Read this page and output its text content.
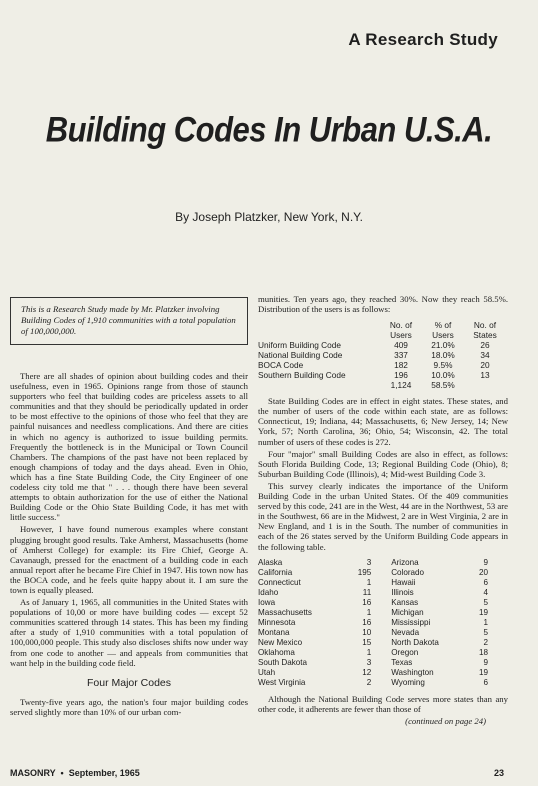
A Research Study
Building Codes In Urban U.S.A.
By Joseph Platzker, New York, N.Y.
This is a Research Study made by Mr. Platzker involving Building Codes of 1,910 communities with a total population of 100,000,000.

There are all shades of opinion about building codes and their usefulness, even in 1965. Opinions range from those of staunch supporters who feel that building codes are priceless assets to all communities and that they should be periodically updated in order to be most effective to the opinions of those who feel that they are painful nuisances and needless complications. And there are cities in which no agency is authorized to issue building permits. Frequently the bottleneck is in the Municipal or Town Council Chambers. The champions of the past have not been replaced by enough champions of today and the days ahead. Even in Ohio, which has a fine State Building Code, the City Engineer of one codeless city told me that " . . . though there have been several attempts to obtain authorization for the use of either the National Building Code or the Ohio State Building Code, it has met with little success."

However, I have found numerous examples where constant plugging brought good results. Take Amherst, Massachusetts (home of Amherst College) for example: its Fire Chief, George A. Cavanaugh, pressed for the enactment of a building code in each annual report after he became Fire Chief in 1947. His town now has the BOCA code, and he feels quite happy about it. I am sure the town is equally pleased.

As of January 1, 1965, all communities in the United States with populations of 10,00 or more have building codes — except 52 communities scattered through 14 states. This has been my finding after a study of 1,910 communities with a total population of 100,000,000 people. This study also discloses shifts now under way from one code to another — and appeals from communities that want help in the building code field.

Four Major Codes

Twenty-five years ago, the nation's four major building codes served slightly more than 10% of our urban com-

munities. Ten years ago, they reached 30%. Now they reach 58.5%. Distribution of the users is as follows:

	No. of	% of	No. of
	Users	Users	States
Uniform Building Code	409	21.0%	26
National Building Code	337	18.0%	34
BOCA Code	182	9.5%	20
Southern Building Code	196	10.0%	13
	1,124	58.5%	

State Building Codes are in effect in eight states. These states, and the number of users of the code within each state, are as follows: Connecticut, 19; Indiana, 44; Massachusetts, 6; New Jersey, 14; New York, 57; North Carolina, 36; Ohio, 54; Wisconsin, 42. The total number of users of these codes is 272.

Four "major" small Building Codes are also in effect, as follows: South Florida Building Code, 13; Regional Building Code (Ohio), 8; Suburban Building Code (Illinois), 4; Mid-west Building Code 3.

This survey clearly indicates the importance of the Uniform Building Code in the urban United States. Of the 409 communities served by this code, 241 are in the West, 44 are in the Northwest, 53 are in the Southwest, 66 are in the Midwest, 2 are in West Virginia, 2 are in New England, and 1 is in the South. The number of communities in each of the 26 states served by the Uniform Building Code appears in the following table.

Alaska	3	Arizona	9
California	195	Colorado	20
Connecticut	1	Hawaii	6
Idaho	11	Illinois	4
Iowa	16	Kansas	5
Massachusetts	1	Michigan	19
Minnesota	16	Mississippi	1
Montana	10	Nevada	5
New Mexico	15	North Dakota	2
Oklahoma	1	Oregon	18
South Dakota	3	Texas	9
Utah	12	Washington	19
West Virginia	2	Wyoming	6

Although the National Building Code serves more states than any other code, it adherents are fewer than those of

(continued on page 24)
MASONRY • September, 1965	23
